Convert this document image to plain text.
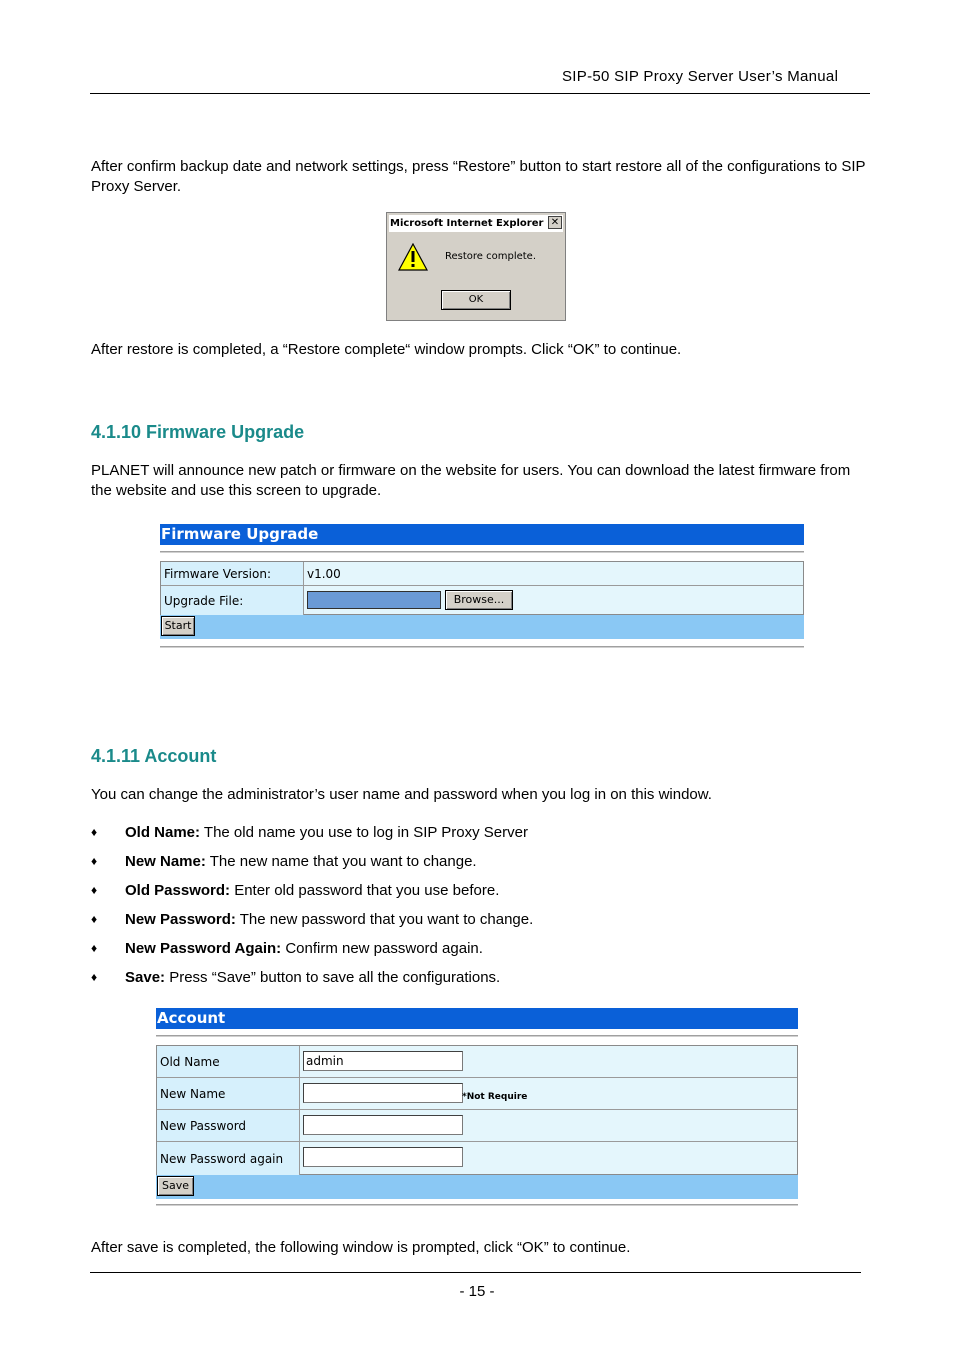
SIP-50 SIP Proxy Server User’s Manual
After confirm backup date and network settings, press “Restore” button to start restore all of the configurations to SIP Proxy Server.
Microsoft Internet Explorer ✕
Restore complete.
OK
After restore is completed, a “Restore complete“ window prompts. Click “OK” to continue.
4.1.10 Firmware Upgrade
PLANET will announce new patch or firmware on the website for users. You can download the latest firmware from the website and use this screen to upgrade.
Firmware Upgrade
Firmware Version:	v1.00
Upgrade File:	Browse...
Start
4.1.11 Account
You can change the administrator’s user name and password when you log in on this window.
♦ Old Name: The old name you use to log in SIP Proxy Server
♦ New Name: The new name that you want to change.
♦ Old Password: Enter old password that you use before.
♦ New Password: The new password that you want to change.
♦ New Password Again: Confirm new password again.
♦ Save: Press “Save” button to save all the configurations.
Account
Old Name	admin
New Name	*Not Require
New Password
New Password again
Save
After save is completed, the following window is prompted, click “OK” to continue.
- 15 -
